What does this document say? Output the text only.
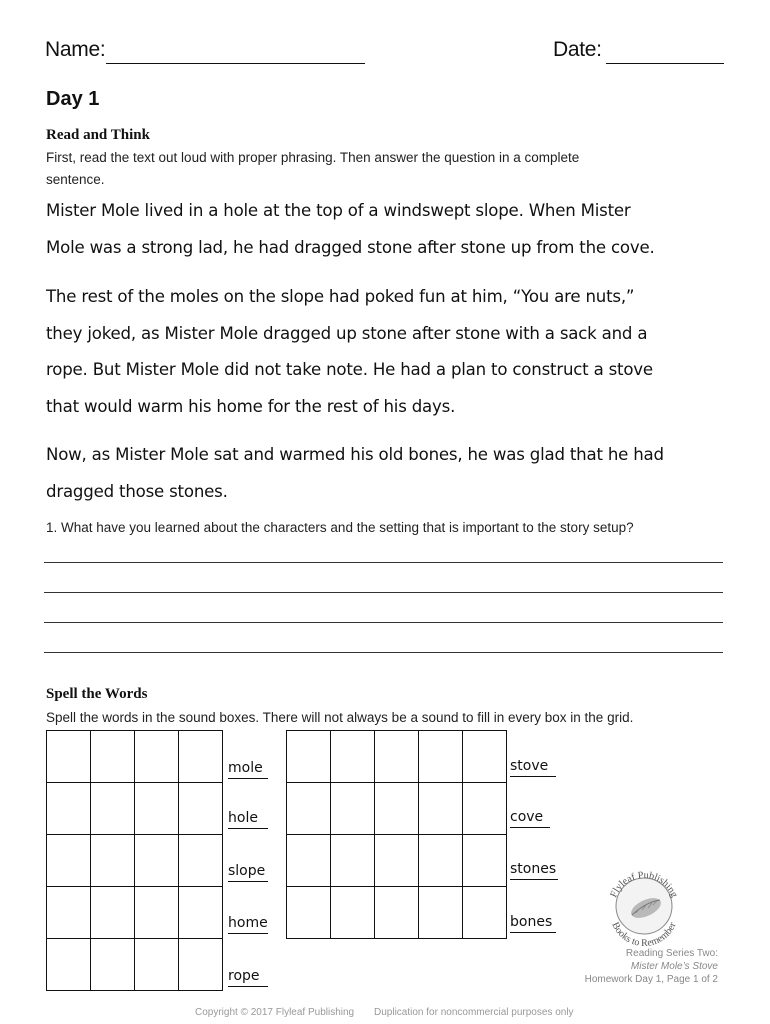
Name:	Date:
Day 1
Read and Think
First, read the text out loud with proper phrasing. Then answer the question in a complete
sentence.

Mister Mole lived in a hole at the top of a windswept slope. When Mister

Mole was a strong lad, he had dragged stone after stone up from the cove.

The rest of the moles on the slope had poked fun at him, “You are nuts,”

they joked, as Mister Mole dragged up stone after stone with a sack and a

rope. But Mister Mole did not take note. He had a plan to construct a stove

that would warm his home for the rest of his days.

Now, as Mister Mole sat and warmed his old bones, he was glad that he had

dragged those stones.

1. What have you learned about the characters and the setting that is important to the story setup?
Spell the Words
Spell the words in the sound boxes. There will not always be a sound to fill in every box in the grid.

mole
hole
slope
home
rope

stove
cove
stones
bones
Flyleaf Publishing
Books to Remember
Reading Series Two:
Mister Mole’s Stove
Homework Day 1, Page 1 of 2
Copyright © 2017 Flyleaf Publishing Duplication for noncommercial purposes only
